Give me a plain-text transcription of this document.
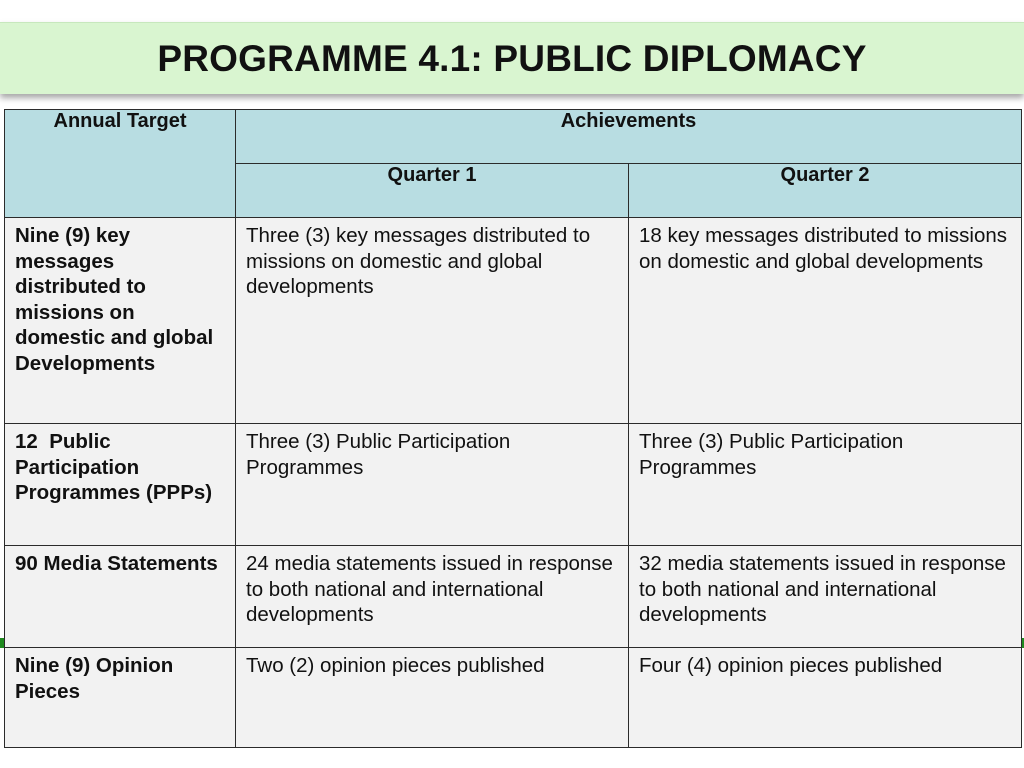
PROGRAMME 4.1: PUBLIC DIPLOMACY
Annual Target	Achievements	
	Quarter 1	Quarter 2
Nine (9) key messages distributed to missions on domestic and global Developments	Three (3) key messages distributed to missions on domestic and global developments	18 key messages distributed to missions on domestic and global developments
12  Public Participation Programmes (PPPs)	Three (3) Public Participation Programmes	Three (3) Public Participation Programmes
90 Media Statements	24 media statements issued in response to both national and international developments	32 media statements issued in response to both national and international developments
Nine (9) Opinion Pieces	Two (2) opinion pieces published	Four (4) opinion pieces published
